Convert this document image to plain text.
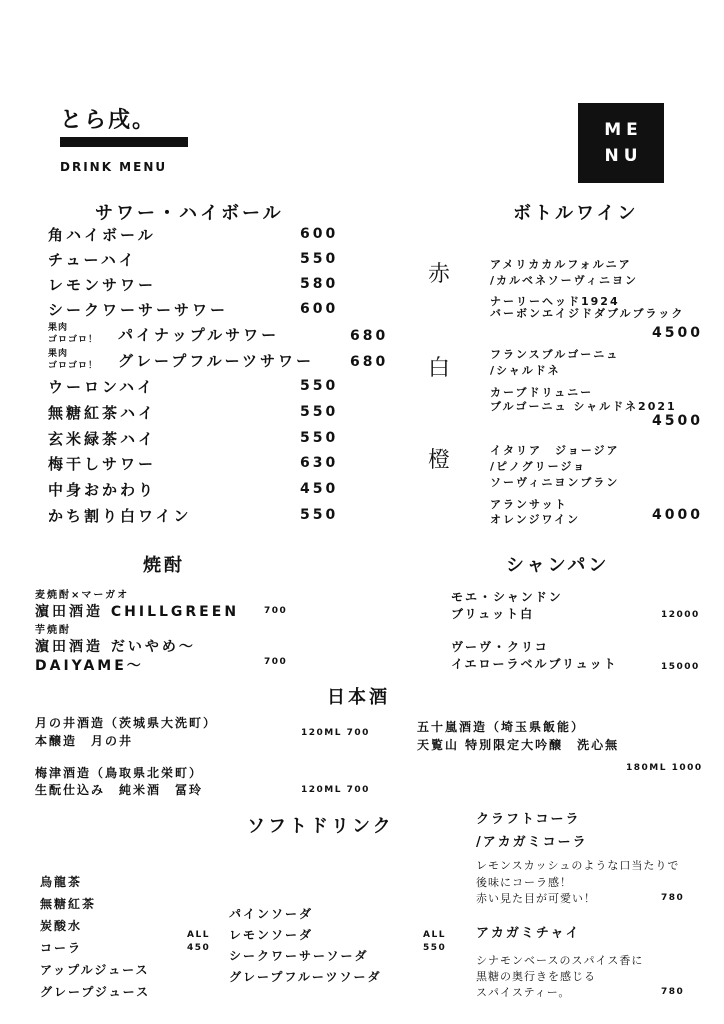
とら戌。
DRINK MENU
ME
NU
サワー・ハイボール
角ハイボール	600
チューハイ	550
レモンサワー	580
シークワーサーサワー	600
果肉
ゴロゴロ！ パイナップルサワー	680
果肉
ゴロゴロ！ グレープフルーツサワー	680
ウーロンハイ	550
無糖紅茶ハイ	550
玄米緑茶ハイ	550
梅干しサワー	630
中身おかわり	450
かち割り白ワイン	550
ボトルワイン
赤	アメリカカルフォルニア
/カルベネソーヴィニヨン
ナーリーヘッド1924
バーボンエイジドダブルブラック
4500
白
フランスブルゴーニュ
/シャルドネ
カーブドリュニー
ブルゴーニュ シャルドネ2021
4500
橙	イタリア　ジョージア
/ピノグリージョ
ソーヴィニヨンブラン
アランサット
オレンジワイン	4000
焼酎
麦焼酎×マーガオ
濵田酒造 CHILLGREEN	700
芋焼酎
濵田酒造 だいやめ～
DAIYAME～	700
シャンパン
モエ・シャンドン
ブリュット白	12000
ヴーヴ・クリコ
イエローラベルブリュット	15000
日本酒
月の井酒造（茨城県大洗町）
本醸造　月の井
120ML 700
梅津酒造（鳥取県北栄町）
生酛仕込み　純米酒　冨玲	120ML 700
五十嵐酒造（埼玉県飯能）
天覧山 特別限定大吟醸　洗心無
180ML 1000
ソフトドリンク
烏龍茶
無糖紅茶
炭酸水
コーラ
アップルジュース
グレープジュース
ALL
450
パインソーダ
レモンソーダ
シークワーサーソーダ
グレープフルーツソーダ
ALL
550
クラフトコーラ
/アカガミコーラ
レモンスカッシュのような口当たりで
後味にコーラ感！
赤い見た目が可愛い！	780
アカガミチャイ
シナモンベースのスパイス香に
黒糖の奥行きを感じる
スパイスティー。	780
